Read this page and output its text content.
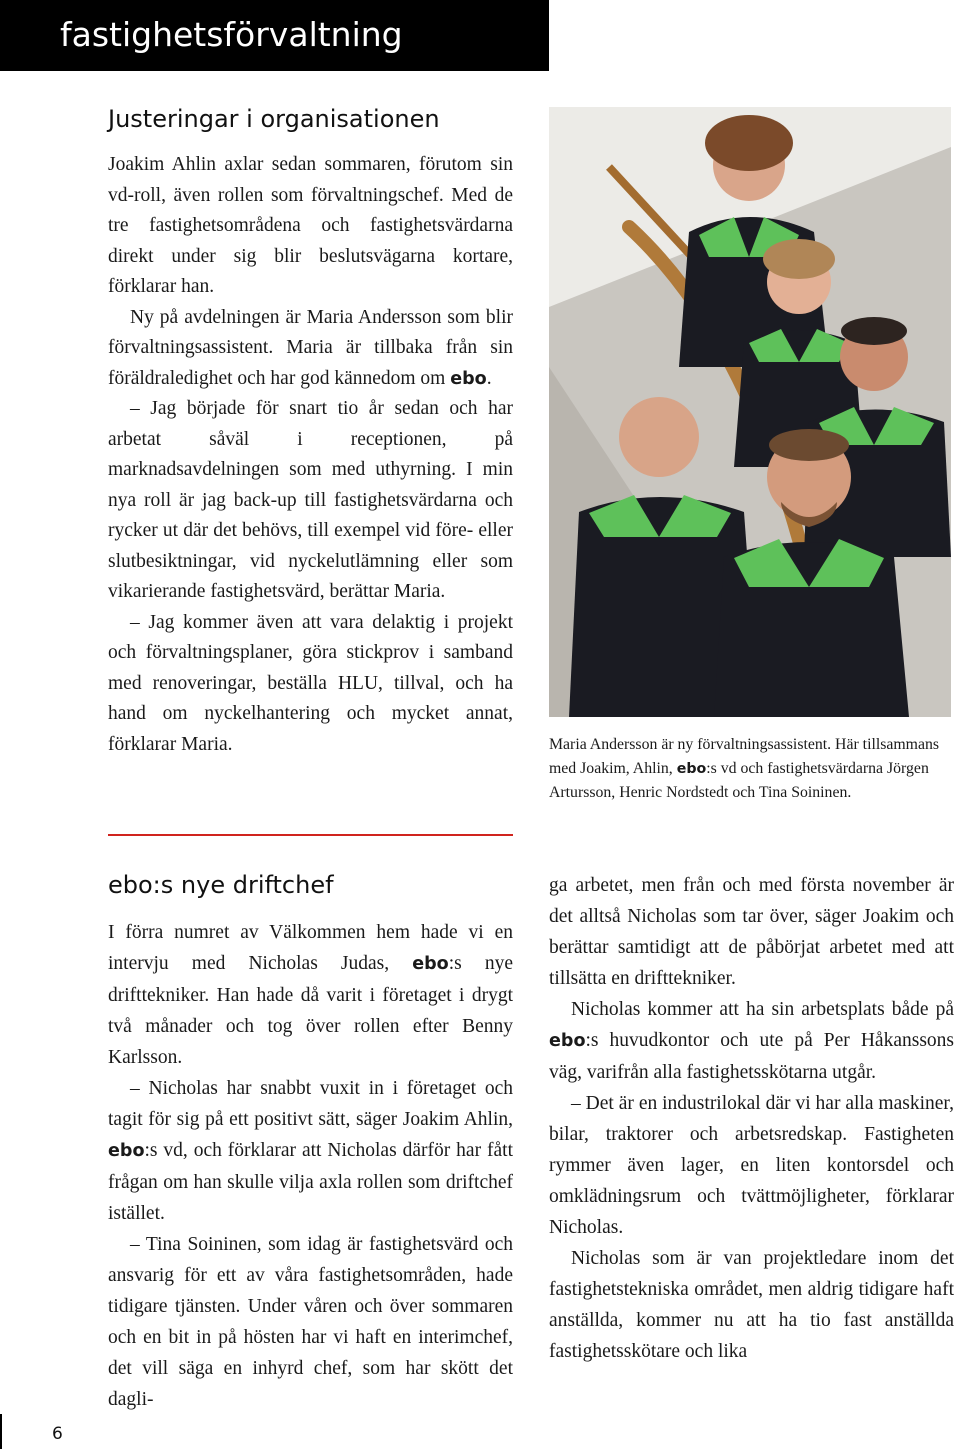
fastighetsförvaltning
Justeringar i organisationen

Joakim Ahlin axlar sedan sommaren, förutom sin vd-roll, även rollen som förvaltningschef. Med de tre fastighetsområdena och fastighetsvärdarna direkt under sig blir beslutsvägarna kortare, förklarar han.

Ny på avdelningen är Maria Andersson som blir förvaltningsassistent. Maria är tillbaka från sin föräldraledighet och har god kännedom om ebo.

– Jag började för snart tio år sedan och har arbetat såväl i receptionen, på marknadsavdelningen som med uthyrning. I min nya roll är jag back-up till fastighetsvärdarna och rycker ut där det behövs, till exempel vid före- eller slutbesiktningar, vid nyckelutlämning eller som vikarierande fastighetsvärd, berättar Maria.

– Jag kommer även att vara delaktig i projekt och förvaltningsplaner, göra stickprov i samband med renoveringar, beställa HLU, tillval, och ha hand om nyckelhantering och mycket annat, förklarar Maria.	Maria Andersson är ny förvaltningsassistent. Här tillsammans med Joakim, Ahlin, ebo:s vd och fastighetsvärdarna Jörgen Artursson, Henric Nordstedt och Tina Soininen.
ebo:s nye driftchef

I förra numret av Välkommen hem hade vi en intervju med Nicholas Judas, ebo:s nye drifttekniker. Han hade då varit i företaget i drygt två månader och tog över rollen efter Benny Karlsson.

– Nicholas har snabbt vuxit in i företaget och tagit för sig på ett positivt sätt, säger Joakim Ahlin, ebo:s vd, och förklarar att Nicholas därför har fått frågan om han skulle vilja axla rollen som driftchef istället.

– Tina Soininen, som idag är fastighetsvärd och ansvarig för ett av våra fastighetsområden, hade tidigare tjänsten. Under våren och över sommaren och en bit in på hösten har vi haft en interimchef, det vill säga en inhyrd chef, som har skött det dagli-

ga arbetet, men från och med första november är det alltså Nicholas som tar över, säger Joakim och berättar samtidigt att de påbörjat arbetet med att tillsätta en drifttekniker.

Nicholas kommer att ha sin arbetsplats både på ebo:s huvudkontor och ute på Per Håkanssons väg, varifrån alla fastighetsskötarna utgår.

– Det är en industrilokal där vi har alla maskiner, bilar, traktorer och arbetsredskap. Fastigheten rymmer även lager, en liten kontorsdel och omklädningsrum och tvättmöjligheter, förklarar Nicholas.

Nicholas som är van projektledare inom det fastighetstekniska området, men aldrig tidigare haft anställda, kommer nu att ha tio fast anställda fastighetsskötare och lika

6
